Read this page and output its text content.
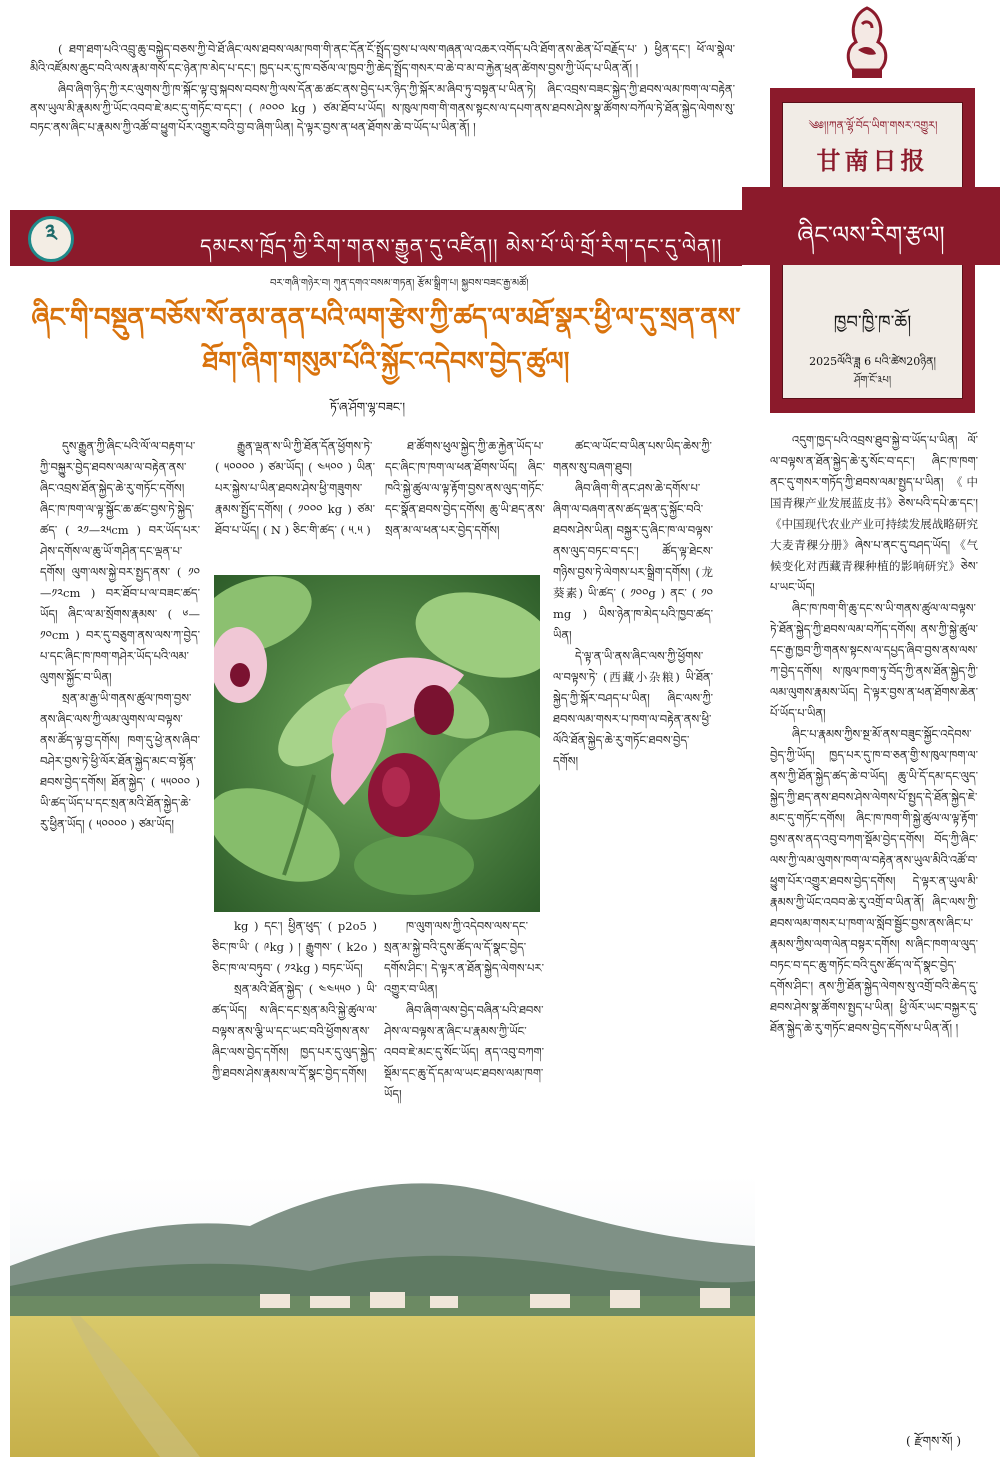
( ཐག་ཐག་པའི་འབྲུ་ཆུ་བསྐྱེད་བཅས་ཀྱི་བེ་ཐོ་ཞིང་ལས་ཐབས་ལམ་ཁག་གི་ནང་དོན་ངོ་སྤྲོད་བྱས་པ་ལས་གཞན་ལ་འཆར་འགོད་པའི་ཐོག་ནས་ཆེན་པོ་བརྗོད་པ་ ) ཕྱིན་དང་། ཕོ་ལ་སྣེལ་མིའི་འཛོམས་ཆུང་བའི་ལས་རྣམ་གསོ་དང་ཉེན་ཁ་མེད་པ་དང་། ཁྱད་པར་དུ་ཁ་བཅོལ་ལ་ཁྱབ་ཀྱི་ཆེད་སྤྲོད་གསར་བ་ཆེ་བ་མ་བ་རྐྱེན་ཕྲན་ཚེགས་བྱས་ཀྱི་ཡོད་པ་ཡིན་ནོ། །

ཞིབ་ཞིག་ཉིད་ཀྱི་རང་ལུགས་ཀྱི་ཁ་སྐོང་ལྟ་བུ་སྐབས་བབས་ཀྱི་ལས་དོན་ཆ་ཚང་ནས་བྱེད་པར་ཉིད་ཀྱི་སྐོར་མ་ཞིབ་ཏུ་བསྟན་པ་ཡིན་ཏེ། ཞིང་འབྲས་བཟང་སྐྱེད་ཀྱི་ཐབས་ལམ་ཁག་ལ་བརྟེན་ནས་ཡུལ་མི་རྣམས་ཀྱི་ཡོང་འབབ་ཇེ་མང་དུ་གཏོང་བ་དང་། ( ༩༠༠༠ kg ) ཙམ་ཐོབ་པ་ཡོད། ས་ཁུལ་ཁག་གི་གནས་སྟངས་ལ་དཔག་ནས་ཐབས་ཤེས་སྣ་ཚོགས་བཀོལ་ཏེ་ཐོན་སྐྱེད་ལེགས་སུ་བཏང་ནས་ཞིང་པ་རྣམས་ཀྱི་འཚོ་བ་ཕྱུག་པོར་འགྱུར་བའི་བྱ་བ་ཞིག་ཡིན། དེ་ལྟར་བྱས་ན་ཕན་ཐོགས་ཆེ་བ་ཡོད་པ་ཡིན་ནོ། །	༄༅།།ཀན་ལྷོ་བོད་ཡིག་གསར་འགྱུར།
甘南日报
ཁྱབ་ཁྱི་ཁ་ཆོ།
2025ལོའི་ཟླ 6 པའི་ཚེས20ཉིན།
ཤོག་ངོ་༣པ།
ཞིང་ལས་རིག་རྩལ།
༣	དམངས་ཁྲོད་ཀྱི་རིག་གནས་རྒྱུན་དུ་འཛིན།། མེས་པོ་ཡི་གྲོ་རིག་དང་དུ་ལེན།།
བར་གཞི་གཉེར་བ། ཀུན་དགའ་བསམ་གཏན། རྩོམ་སྒྲིག་པ། སྐྱབས་བཟང་རྒྱ་མཚོ།
ཞིང་གི་བསྡུན་བཅོས་སོ་ནམ་ནན་པའི་ལག་རྩེས་ཀྱི་ཚད་ལ་མཐོ་སྣར་ཕྱི་ལ་དུ་སྲན་ནས་ཐོག་ཞིག་གསུམ་པོའི་སྐྱོང་འདེབས་བྱེད་ཚུལ།
ཏོ་ཞ་ཤོག་ལྷ་བཟང་།

དུས་རྒྱུན་ཀྱི་ཞིང་པའི་ལོ་ལ་བརྟག་པ་ཀྱི་བསྐྱུར་བྱེད་ཐབས་ལམ་ལ་བརྟེན་ནས་ཞིང་འབྲས་ཐོན་སྐྱེད་ཆེ་རུ་གཏོང་དགོས། ཞིང་ཁ་ཁག་ལ་ལྟ་སྐྱོང་ཆ་ཚང་བྱས་ཏེ་སྐྱེད་ཚད་ ( ༢༡—༢༥cm ) བར་ཡོད་པར་ཤེས་དགོས་ལ་ཆུ་ཡོ་གཤིན་དང་ལྡན་པ་དགོས། ལུག་ལས་སྐྱེ་བར་སྤྱད་ནས་ ( ༡༠—༡༢cm ) བར་ཐོབ་པ་ལ་བཟང་ཚད་ཡོད། ཞིང་ལ་མ་སྲོགས་རྣམས་ ( ༦—༡༠cm ) བར་དུ་བཅུག་ནས་ལས་ཀ་བྱེད་པ་དང་ཞིང་ཁ་ཁག་གཤེར་ཡོད་པའི་ལམ་ལུགས་སྐྱོང་བ་ཡིན།

སྲན་མ་རྒྱ་ཡི་གནས་ཚུལ་ཁག་བྱས་ནས་ཞིང་ལས་ཀྱི་ལམ་ལུགས་ལ་བལྟས་ནས་ཚོད་ལྟ་བྱ་དགོས། ཁག་དུ་ཕྱེ་ནས་ཞིབ་བཤེར་བྱས་ཏེ་ཕྱི་ལོར་ཐོན་སྐྱེད་མང་བ་སྟོན་ཐབས་བྱེད་དགོས། ཐོན་སྐྱེད་ ( ༥༥༠༠༠ ) ཡི་ཚད་ཡོད་པ་དང་སྲན་མའི་ཐོན་སྐྱེད་ཆེ་རུ་ཕྱིན་ཡོད། ( ༥༠༠༠༠ ) ཙམ་ཡོད།

རྒྱུན་ལྡན་ས་ཡི་ཀྱི་ཐོན་དོན་ཕྱོགས་ཏེ་ ( ༥༠༠༠༠ ) ཙམ་ཡོད། ( ༤༥༠༠ ) ཡིན་པར་སྐྱེས་པ་ཡིན་ཐབས་ཤེས་ཕྱི་གཟུགས་རྣམས་སྤྱོད་དགོས། ( ༡༠༠༠ kg ) ཙམ་ཐོབ་པ་ཡོད། ( N ) ཅིང་གི་ཚད་ ( ༥.༥ )

ཐ་ཚོགས་ཕུལ་སྐྱེད་ཀྱི་ཆ་རྐྱེན་ཡོད་པ་དང་ཞིང་ཁ་ཁག་ལ་ཕན་ཐོགས་ཡོད། ཞིང་ཁའི་སྐྱེ་ཚུལ་ལ་ལྟ་རྟོག་བྱས་ནས་ལུད་གཏོང་དང་སྣོན་ཐབས་བྱེད་དགོས། ཆུ་ཡི་ཐད་ནས་སྲན་མ་ལ་ཕན་པར་བྱེད་དགོས།

kg ) དང་། ཕྱིན་ཕུད་ ( p2o5 ) ཅིང་ཁ་ཡི་ ( ༩kg ) ། རྒྱུགས་ ( k2o ) ཅིང་ཁ་ལ་བཏུབ་ ( ༡༢kg ) བཏང་ཡོད།

སྲན་མའི་ཐོན་སྐྱེད་ ( ༤༤༥༥༠ ) ཡི་ཚད་ཡོད། ས་ཞིང་དང་སྲན་མའི་སྐྱེ་ཚུལ་ལ་བལྟས་ནས་ལྕི་ཡ་དང་ཡང་བའི་ཕྱོགས་ནས་ཞིང་ལས་བྱེད་དགོས། ཁྱད་པར་དུ་ལུད་སྐྱེད་ཀྱི་ཐབས་ཤེས་རྣམས་ལ་དོ་སྣང་བྱེད་དགོས།

ཁ་ལུག་ལས་ཀྱི་འདེབས་ལས་དང་སྲན་མ་སྐྱེ་བའི་དུས་ཚོད་ལ་དོ་སྣང་བྱེད་དགོས་ཤིང་། དེ་ལྟར་ན་ཐོན་སྐྱེད་ལེགས་པར་འགྱུར་བ་ཡིན།

ཞིབ་ཞིག་ལས་བྱེད་བཞིན་པའི་ཐབས་ཤེས་ལ་བལྟས་ན་ཞིང་པ་རྣམས་ཀྱི་ཡོང་འབབ་ཇེ་མང་དུ་སོང་ཡོད། ནད་འབུ་བཀག་སྡོམ་དང་ཆུ་དོ་དམ་ལ་ཡང་ཐབས་ལམ་ཁག་ཡོད།

ཚང་ལ་ཡོང་བ་ཡིན་པས་ཡིད་ཆེས་ཀྱི་གནས་སུ་བཞག་ཐུབ།

ཞིབ་ཞིག་གི་ནང་ཤས་ཆེ་དགོས་པ་ཞིག་ལ་བཞག་ནས་ཚད་ལྡན་དུ་སྐྱོང་བའི་ཐབས་ཤེས་ཡིན། བསྐྱར་དུ་ཞིང་ཁ་ལ་བལྟས་ནས་ལུད་བཏང་བ་དང་། ཚོད་ལྟ་ཐེངས་གཉིས་བྱས་ཏེ་ལེགས་པར་སྒྲིག་དགོས། (龙葵素) ཡི་ཚད་ ( ༡༠༠g ) ནང་ ( ༡༠ mg ) ཡིས་ཉེན་ཁ་མེད་པའི་ཁྱབ་ཚད་ཡིན།

དེ་ལྟ་ན་ཡི་ནས་ཞིང་ལས་ཀྱི་ཕྱོགས་ལ་བལྟས་ཏེ་ (西藏小杂粮) ཡི་ཐོན་སྐྱེད་ཀྱི་སྐོར་བཤད་པ་ཡིན། ཞིང་ལས་ཀྱི་ཐབས་ལམ་གསར་པ་ཁག་ལ་བརྟེན་ནས་ཕྱི་ལོའི་ཐོན་སྐྱེད་ཆེ་རུ་གཏོང་ཐབས་བྱེད་དགོས།

འདུག་ཁྱད་པའི་འབྲས་ཐུབ་སྐྱེ་བ་ཡོད་པ་ཡིན། ལོ་ལ་བལྟས་ན་ཐོན་སྐྱེད་ཆེ་རུ་སོང་བ་དང་། ཞིང་ཁ་ཁག་ནང་དུ་གསར་གཏོད་ཀྱི་ཐབས་ལམ་སྤྱད་པ་ཡིན། 《中国青稞产业发展蓝皮书》ཅེས་པའི་དཔེ་ཆ་དང་། 《中国现代农业产业可持续发展战略研究大麦青稞分册》ཞེས་པ་ནང་དུ་བཤད་ཡོད། 《气候变化对西藏青稞种植的影响研究》ཅེས་པ་ཡང་ཡོད།

ཞིང་ཁ་ཁག་གི་ཆུ་དང་ས་ཡི་གནས་ཚུལ་ལ་བལྟས་ཏེ་ཐོན་སྐྱེད་ཀྱི་ཐབས་ལམ་བཀོད་དགོས། ནས་ཀྱི་སྐྱེ་ཚུལ་དང་རྒྱ་ཁྱབ་ཀྱི་གནས་སྟངས་ལ་དཔྱད་ཞིབ་བྱས་ནས་ལས་ཀ་བྱེད་དགོས། ས་ཁུལ་ཁག་ཏུ་བོད་ཀྱི་ནས་ཐོན་སྐྱེད་ཀྱི་ལམ་ལུགས་རྣམས་ཡོད། དེ་ལྟར་བྱས་ན་ཕན་ཐོགས་ཆེན་པོ་ཡོད་པ་ཡིན།

ཞིང་པ་རྣམས་ཀྱིས་སྔ་མོ་ནས་བཟུང་སྐྱོང་འདེབས་བྱེད་ཀྱི་ཡོད། ཁྱད་པར་དུ་ཁ་བ་ཅན་གྱི་ས་ཁུལ་ཁག་ལ་ནས་ཀྱི་ཐོན་སྐྱེད་ཚད་ཆེ་བ་ཡོད། ཆུ་ཡི་དོ་དམ་དང་ལུད་སྐྱེད་ཀྱི་ཐད་ནས་ཐབས་ཤེས་ལེགས་པོ་སྤྱད་དེ་ཐོན་སྐྱེད་ཇེ་མང་དུ་གཏོང་དགོས། ཞིང་ཁ་ཁག་གི་སྐྱེ་ཚུལ་ལ་ལྟ་རྟོག་བྱས་ནས་ནད་འབུ་བཀག་སྡོམ་བྱེད་དགོས། བོད་ཀྱི་ཞིང་ལས་ཀྱི་ལམ་ལུགས་ཁག་ལ་བརྟེན་ནས་ཡུལ་མིའི་འཚོ་བ་ཕྱུག་པོར་འགྱུར་ཐབས་བྱེད་དགོས། དེ་ལྟར་ན་ཡུལ་མི་རྣམས་ཀྱི་ཡོང་འབབ་ཆེ་རུ་འགྲོ་བ་ཡིན་ནོ། ཞིང་ལས་ཀྱི་ཐབས་ལམ་གསར་པ་ཁག་ལ་སློབ་སྦྱོང་བྱས་ནས་ཞིང་པ་རྣམས་ཀྱིས་ལག་ལེན་བསྟར་དགོས། ས་ཞིང་ཁག་ལ་ལུད་བཏང་བ་དང་ཆུ་གཏོང་བའི་དུས་ཚོད་ལ་དོ་སྣང་བྱེད་དགོས་ཤིང་། ནས་ཀྱི་ཐོན་སྐྱེད་ལེགས་སུ་འགྲོ་བའི་ཆེད་དུ་ཐབས་ཤེས་སྣ་ཚོགས་སྤྱད་པ་ཡིན། ཕྱི་ལོར་ཡང་བསྐྱར་དུ་ཐོན་སྐྱེད་ཆེ་རུ་གཏོང་ཐབས་བྱེད་དགོས་པ་ཡིན་ནོ། །

( རྫོགས་སོ། )
